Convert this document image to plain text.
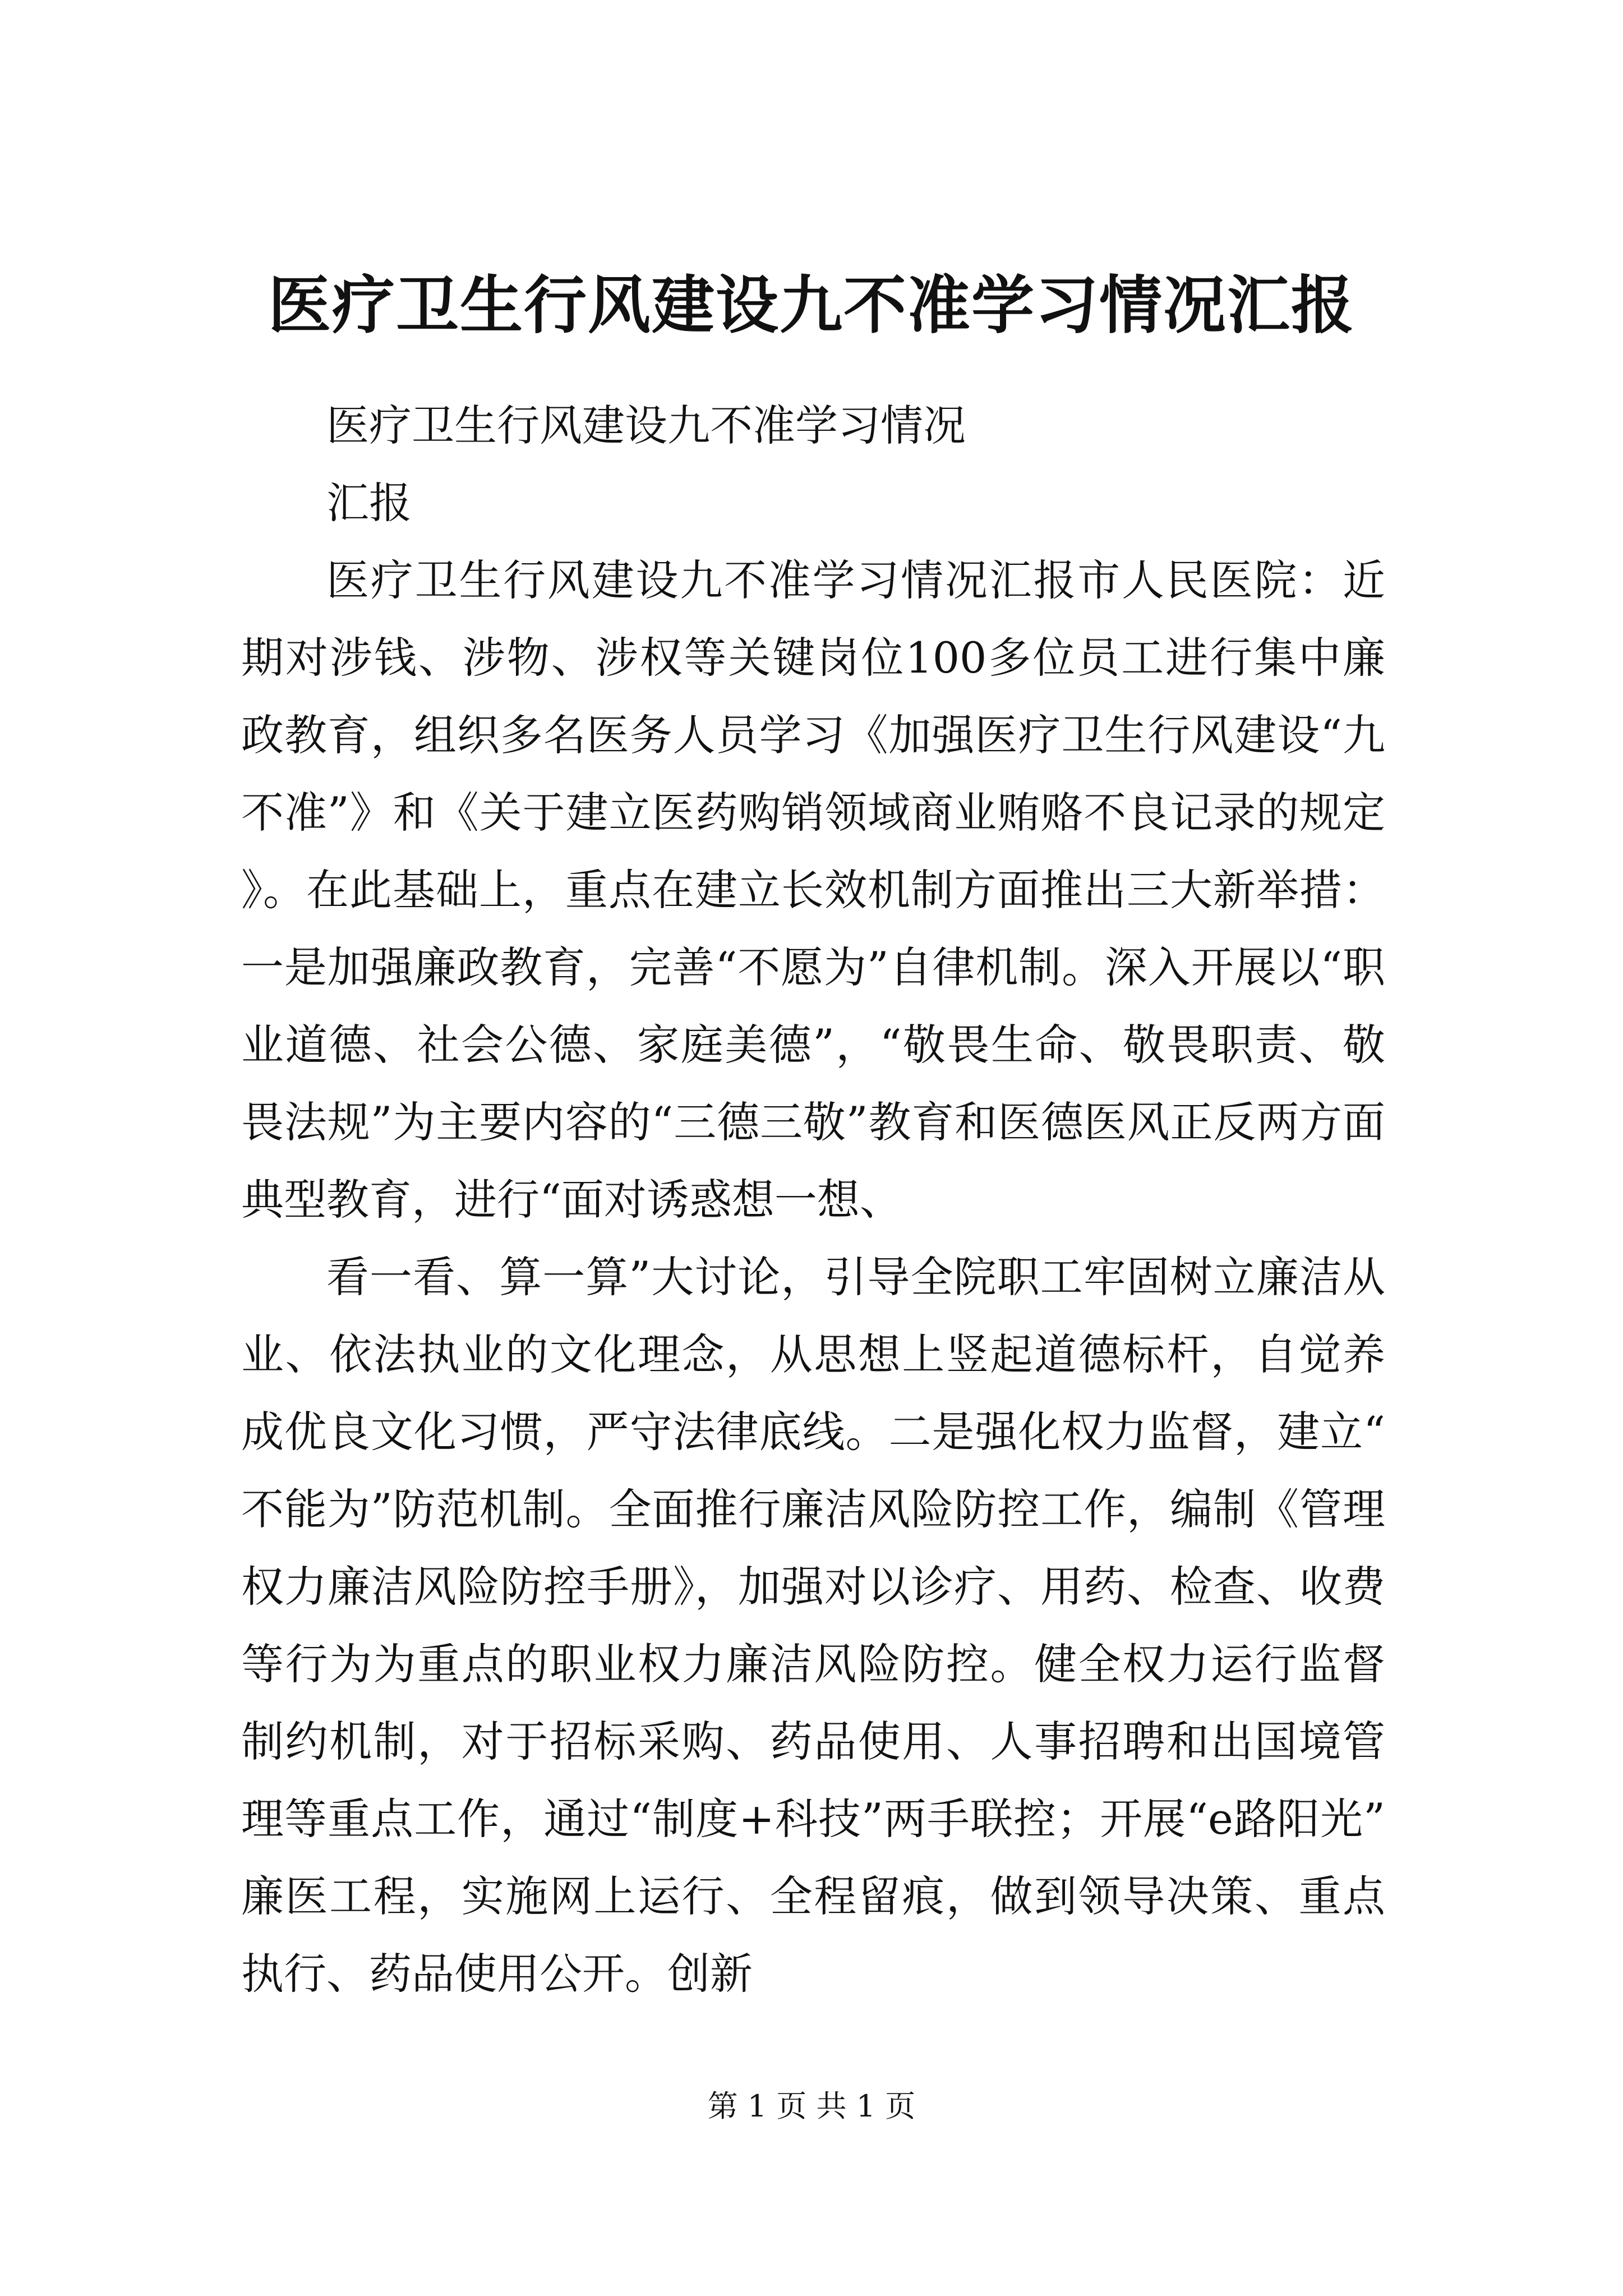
医疗卫生行风建设九不准学习情况汇报

医疗卫生行风建设九不准学习情况

汇报

医疗卫生行风建设九不准学习情况汇报市人民医院：近期对涉钱、涉物、涉权等关键岗位100多位员工进行集中廉政教育，组织多名医务人员学习《加强医疗卫生行风建设“九不准”》和《关于建立医药购销领域商业贿赂不良记录的规定》。在此基础上，重点在建立长效机制方面推出三大新举措：一是加强廉政教育，完善“不愿为”自律机制。深入开展以“职业道德、社会公德、家庭美德”，“敬畏生命、敬畏职责、敬畏法规”为主要内容的“三德三敬”教育和医德医风正反两方面典型教育，进行“面对诱惑想一想、

看一看、算一算”大讨论，引导全院职工牢固树立廉洁从业、依法执业的文化理念，从思想上竖起道德标杆，自觉养成优良文化习惯，严守法律底线。二是强化权力监督，建立“不能为”防范机制。全面推行廉洁风险防控工作，编制《管理权力廉洁风险防控手册》，加强对以诊疗、用药、检查、收费等行为为重点的职业权力廉洁风险防控。健全权力运行监督制约机制，对于招标采购、药品使用、人事招聘和出国境管理等重点工作，通过“制度+科技”两手联控；开展“e路阳光”廉医工程，实施网上运行、全程留痕，做到领导决策、重点执行、药品使用公开。创新

第 1 页 共 1 页
